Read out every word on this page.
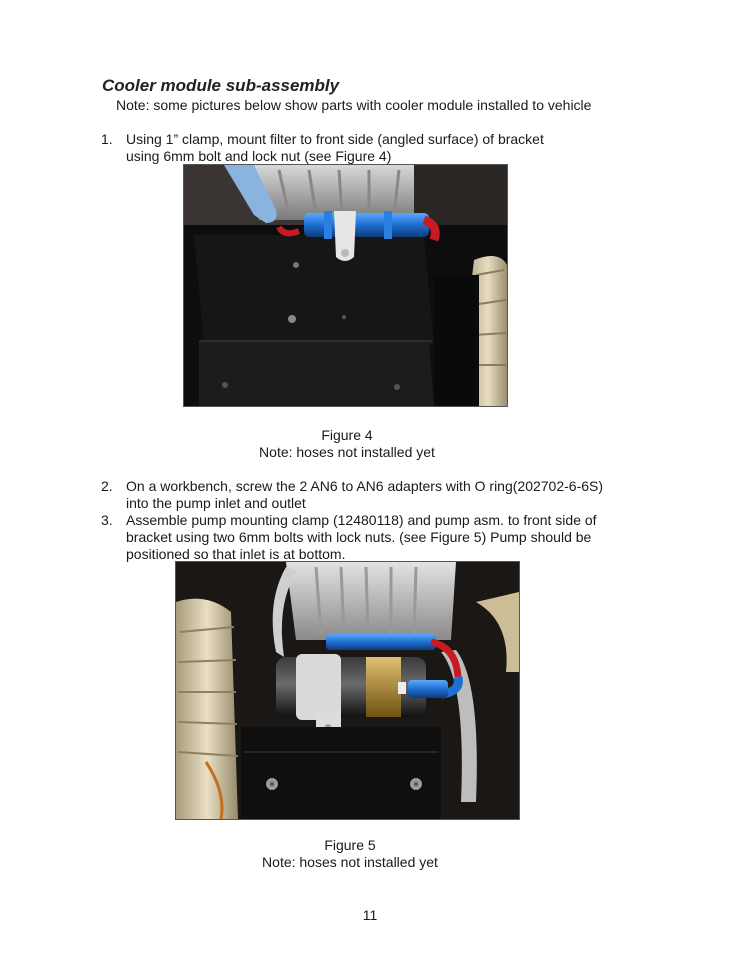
Cooler module sub-assembly
Note: some pictures below show parts with cooler module installed to vehicle
1. Using 1” clamp, mount filter to front side (angled surface) of bracket
using 6mm bolt and lock nut (see Figure 4)
Figure 4
Note: hoses not installed yet
2. On a workbench, screw the 2 AN6 to AN6 adapters with O ring(202702-6-6S)
into the pump inlet and outlet
3. Assemble pump mounting clamp (12480118) and pump asm. to front side of
bracket using two 6mm bolts with lock nuts. (see Figure 5) Pump should be
positioned so that inlet is at bottom.
Figure 5
Note: hoses not installed yet
11
